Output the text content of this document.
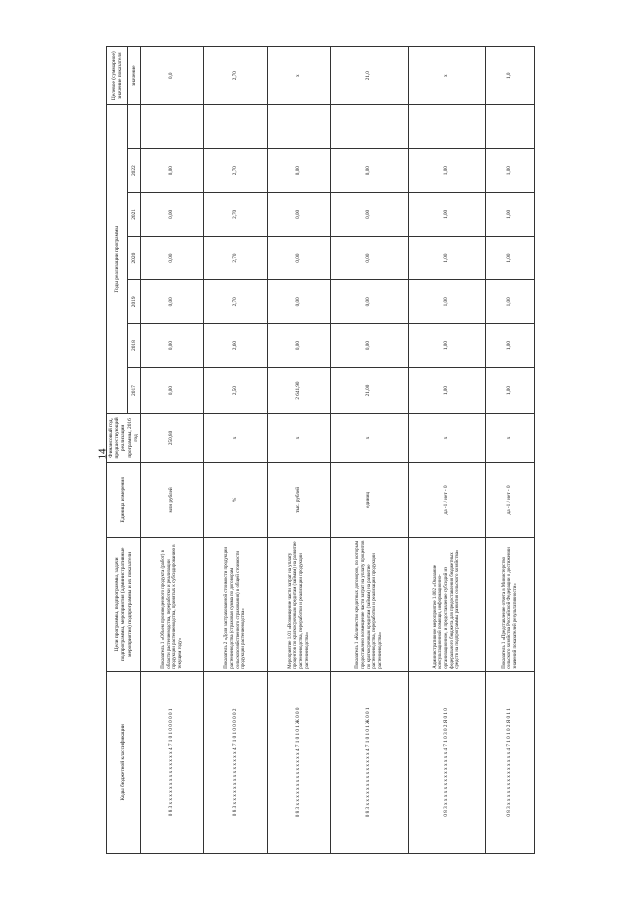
14
Коды бюджетной классификации	Цели программы, подпрограммы, задачи подпрограммы, мероприятия (административные мероприятия) подпрограммы и их показатели	Единица измерения	Финансовый год, предшествующий реализации программы, 2016 год	Годы реализации программы							Целевое (суммарное) значение показателя
				2017	2018	2019	2020	2021	2022		значение
0 8 3 х х х х х х х х х х х х х х 4 7 1 0 1 0 0 0 0 0 1	Показатель 1 «Объем произведенного продукта (работ) в области растениеводства, переработки и реализации продукции растениеводства, принятых к субсидированию в текущем году»	млн рублей	250,80	0,00	0,00	0,00	0,00	0,00	0,00		0,0
0 8 3 х х х х х х х х х х х х х х 4 7 1 0 1 0 0 0 0 0 2	Показатель 2 «Доля застрахованной стоимости продукции растениеводства (страховая сумма по договорам сельскохозяйственного страхования) в общей стоимости продукции растениеводства»	%	х	2,50	2,60	2,70	2,70	2,70	2,70		2,70
0 8 3 х х х х х х х х х х х х х х 4 7 1 0 1 0 1 Ж 0 0 0	Мероприятие 1.01 «Возмещение части затрат на уплату процентов по краткосрочным кредитам (займам) на развитие растениеводства, переработки и реализации продукции растениеводства»	тыс. рублей	х	2 641,90	0,00	0,00	0,00	0,00	0,00		х
0 8 3 х х х х х х х х х х х х х х 4 7 1 0 1 0 1 Ж 0 0 1	Показатель 1 «Количество кредитных договоров, по которым предоставлено возмещение части затрат на уплату процентов по краткосрочным кредитам (займам) на развитие растениеводства, переработки и реализации продукции растениеводства»	единиц	х	21,00	0,00	0,00	0,00	0,00	0,00		21,0
0 8 3 х х х х х х х х х х х х х х 4 7 1 0 3 0 2 Я 0 1 0	Административное мероприятие 1.002 «Оказание консультационной помощи, информационно-организационное, и предоставление субсидий из федерального бюджета для предоставления бюджетных средств на подпрограммы развития сельского хозяйства»	да -1 / нет - 0	х	1,00	1,00	1,00	1,00	1,00	1,00		х
0 8 3 х х х х х х х х х х х х х х 4 7 1 0 1 0 2 Я 0 1 1	Показатель 1 «Представление отчета в Министерство сельского хозяйства Российской Федерации о достижении значений показателей результативности»	да -1 / нет - 0	х	1,00	1,00	1,00	1,00	1,00	1,00		1,0
